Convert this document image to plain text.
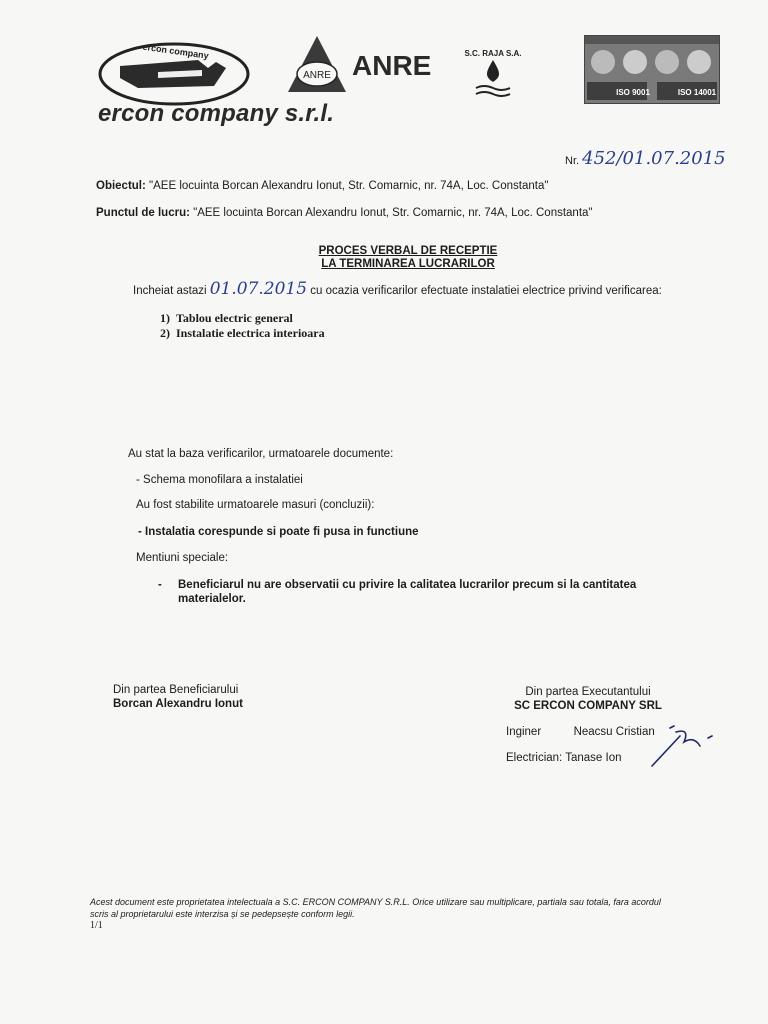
ercon company
ercon company s.r.l.
ANRE ANRE	S.C. RAJA S.A.
ISO 9001	ISO 14001
Nr. 452/01.07.2015
Obiectul: "AEE locuinta Borcan Alexandru Ionut, Str. Comarnic, nr. 74A, Loc. Constanta"
Punctul de lucru: "AEE locuinta Borcan Alexandru Ionut, Str. Comarnic, nr. 74A, Loc. Constanta"
PROCES VERBAL DE RECEPTIE
LA TERMINAREA LUCRARILOR
Incheiat astazi 01.07.2015 cu ocazia verificarilor efectuate instalatiei electrice privind verificarea:
1) Tablou electric general
2) Instalatie electrica interioara
Au stat la baza verificarilor, urmatoarele documente:
- Schema monofilara a instalatiei
Au fost stabilite urmatoarele masuri (concluzii):
- Instalatia corespunde si poate fi pusa in functiune
Mentiuni speciale:
- Beneficiarul nu are observatii cu privire la calitatea lucrarilor precum si la cantitatea
materialelor.
Din partea Beneficiarului
Borcan Alexandru Ionut
Din partea Executantului
SC ERCON COMPANY SRL
Inginer	Neacsu Cristian
Electrician: Tanase Ion
Acest document este proprietatea intelectuala a S.C. ERCON COMPANY S.R.L. Orice utilizare sau multiplicare, partiala sau totala, fara acordul
scris al proprietarului este interzisa și se pedepsește conform legii.
1/1
